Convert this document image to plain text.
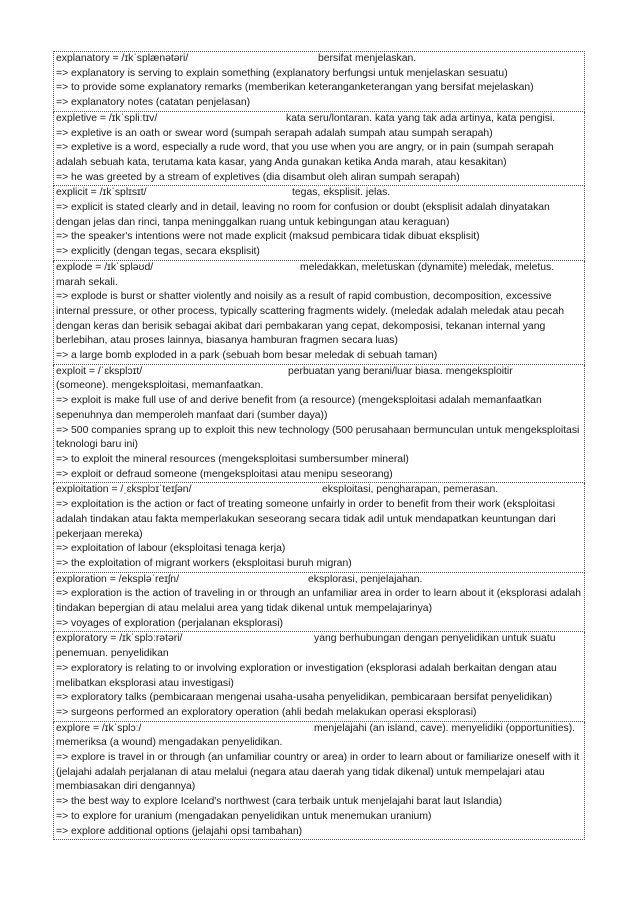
explanatory = /ɪkˈsplænətəri/	bersifat menjelaskan.

=> explanatory is serving to explain something (explanatory berfungsi untuk menjelaskan sesuatu)
=> to provide some explanatory remarks (memberikan keteranganketerangan yang bersifat mejelaskan)
=> explanatory notes (catatan penjelasan)
expletive = /ɪkˈspliːtɪv/	kata seru/lontaran. kata yang tak ada artinya, kata pengisi.

=> expletive is an oath or swear word (sumpah serapah adalah sumpah atau sumpah serapah)
=> expletive is a word, especially a rude word, that you use when you are angry, or in pain (sumpah serapah adalah sebuah kata, terutama kata kasar, yang Anda gunakan ketika Anda marah, atau kesakitan)
=> he was greeted by a stream of expletives (dia disambut oleh aliran sumpah serapah)
explicit = /ɪkˈsplɪsɪt/	tegas, eksplisit. jelas.

=> explicit is stated clearly and in detail, leaving no room for confusion or doubt (eksplisit adalah dinyatakan dengan jelas dan rinci, tanpa meninggalkan ruang untuk kebingungan atau keraguan)
=> the speaker's intentions were not made explicit (maksud pembicara tidak dibuat eksplisit)
=> explicitly (dengan tegas, secara eksplisit)
explode = /ɪkˈspləʊd/	meledakkan, meletuskan (dynamite) meledak, meletus.

marah sekali.
=> explode is burst or shatter violently and noisily as a result of rapid combustion, decomposition, excessive internal pressure, or other process, typically scattering fragments widely. (meledak adalah meledak atau pecah dengan keras dan berisik sebagai akibat dari pembakaran yang cepat, dekomposisi, tekanan internal yang berlebihan, atau proses lainnya, biasanya hamburan fragmen secara luas)
=> a large bomb exploded in a park (sebuah bom besar meledak di sebuah taman)
exploit = /ˈɛksplɔɪt/	perbuatan yang berani/luar biasa. mengeksploitir

(someone). mengeksploitasi, memanfaatkan.
=> exploit is make full use of and derive benefit from (a resource) (mengeksploitasi adalah memanfaatkan sepenuhnya dan memperoleh manfaat dari (sumber daya))
=> 500 companies sprang up to exploit this new technology (500 perusahaan bermunculan untuk mengeksploitasi teknologi baru ini)
=> to exploit the mineral resources (mengeksploitasi sumbersumber mineral)
=> exploit or defraud someone (mengeksploitasi atau menipu seseorang)
exploitation = /ˌɛksplɔɪˈteɪʃən/	eksploitasi, pengharapan, pemerasan.

=> exploitation is the action or fact of treating someone unfairly in order to benefit from their work (eksploitasi adalah tindakan atau fakta memperlakukan seseorang secara tidak adil untuk mendapatkan keuntungan dari pekerjaan mereka)
=> exploitation of labour (eksploitasi tenaga kerja)
=> the exploitation of migrant workers (eksploitasi buruh migran)
exploration = /ekspləˈreɪʃn/	eksplorasi, penjelajahan.

=> exploration is the action of traveling in or through an unfamiliar area in order to learn about it (eksplorasi adalah tindakan bepergian di atau melalui area yang tidak dikenal untuk mempelajarinya)
=> voyages of exploration (perjalanan eksplorasi)
exploratory = /ɪkˈsplɔːrətəri/	yang berhubungan dengan penyelidikan untuk suatu

penemuan. penyelidikan
=> exploratory is relating to or involving exploration or investigation (eksplorasi adalah berkaitan dengan atau melibatkan eksplorasi atau investigasi)
=> exploratory talks (pembicaraan mengenai usaha-usaha penyelidikan, pembicaraan bersifat penyelidikan)
=> surgeons performed an exploratory operation (ahli bedah melakukan operasi eksplorasi)
explore = /ɪkˈsplɔː/	menjelajahi (an island, cave). menyelidiki (opportunities).

memeriksa (a wound) mengadakan penyelidikan.
=> explore is travel in or through (an unfamiliar country or area) in order to learn about or familiarize oneself with it (jelajahi adalah perjalanan di atau melalui (negara atau daerah yang tidak dikenal) untuk mempelajari atau membiasakan diri dengannya)
=> the best way to explore Iceland's northwest (cara terbaik untuk menjelajahi barat laut Islandia)
=> to explore for uranium (mengadakan penyelidikan untuk menemukan uranium)
=> explore additional options (jelajahi opsi tambahan)
